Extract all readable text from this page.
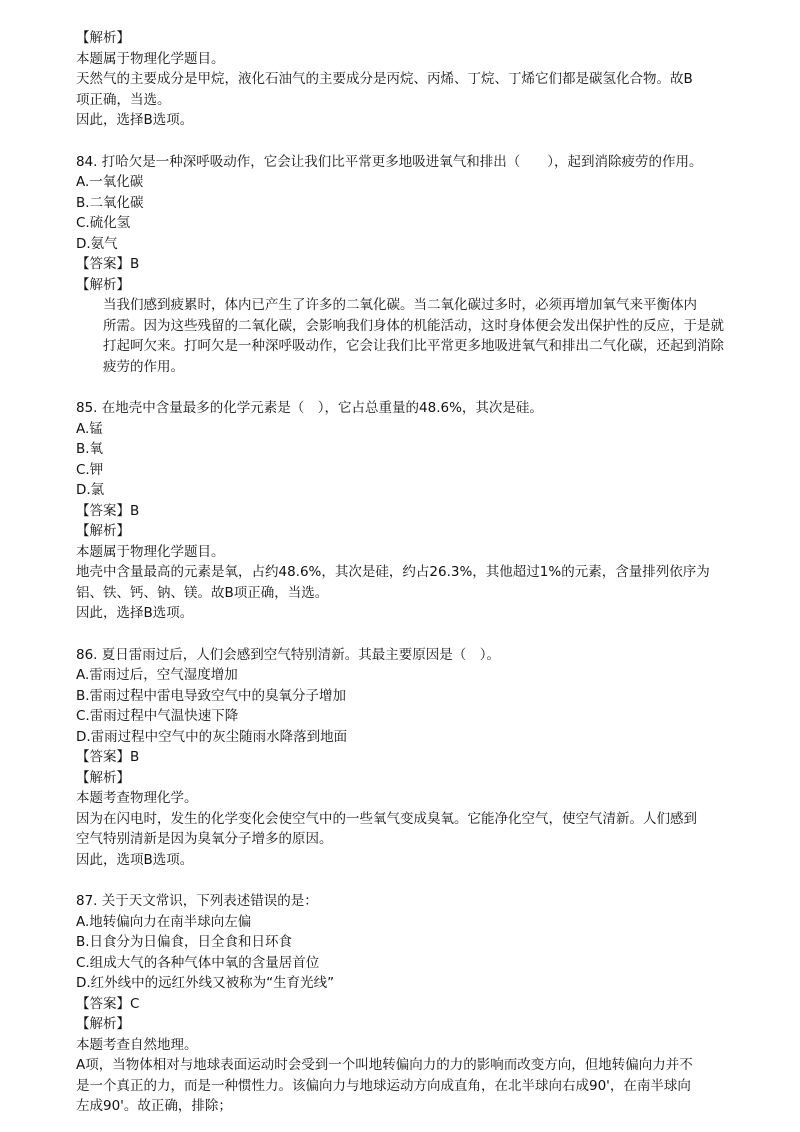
【解析】
本题属于物理化学题目。
天然气的主要成分是甲烷，液化石油气的主要成分是丙烷、丙烯、丁烷、丁烯它们都是碳氢化合物。故B
项正确，当选。
因此，选择B选项。
84. 打哈欠是一种深呼吸动作，它会让我们比平常更多地吸进氧气和排出（　　），起到消除疲劳的作用。
A.一氧化碳
B.二氧化碳
C.硫化氢
D.氨气
【答案】B
【解析】
当我们感到疲累时，体内已产生了许多的二氧化碳。当二氧化碳过多时，必须再增加氧气来平衡体内
所需。因为这些残留的二氧化碳，会影响我们身体的机能活动，这时身体便会发出保护性的反应，于是就
打起呵欠来。打呵欠是一种深呼吸动作，它会让我们比平常更多地吸进氧气和排出二气化碳，还起到消除
疲劳的作用。
85. 在地壳中含量最多的化学元素是（　），它占总重量的48.6%，其次是硅。
A.锰
B.氧
C.钾
D.氯
【答案】B
【解析】
本题属于物理化学题目。
地壳中含量最高的元素是氧，占约48.6%，其次是硅，约占26.3%，其他超过1%的元素，含量排列依序为
铝、铁、钙、钠、镁。故B项正确，当选。
因此，选择B选项。
86. 夏日雷雨过后，人们会感到空气特别清新。其最主要原因是（　）。
A.雷雨过后，空气湿度增加
B.雷雨过程中雷电导致空气中的臭氧分子增加
C.雷雨过程中气温快速下降
D.雷雨过程中空气中的灰尘随雨水降落到地面
【答案】B
【解析】
本题考查物理化学。
因为在闪电时，发生的化学变化会使空气中的一些氧气变成臭氧。它能净化空气，使空气清新。人们感到
空气特别清新是因为臭氧分子增多的原因。
因此，选项B选项。
87. 关于天文常识，下列表述错误的是：
A.地转偏向力在南半球向左偏
B.日食分为日偏食，日全食和日环食
C.组成大气的各种气体中氧的含量居首位
D.红外线中的远红外线又被称为“生育光线”
【答案】C
【解析】
本题考查自然地理。
A项，当物体相对与地球表面运动时会受到一个叫地转偏向力的力的影响而改变方向，但地转偏向力并不
是一个真正的力，而是一种惯性力。该偏向力与地球运动方向成直角，在北半球向右成90'，在南半球向
左成90'。故正确，排除；
